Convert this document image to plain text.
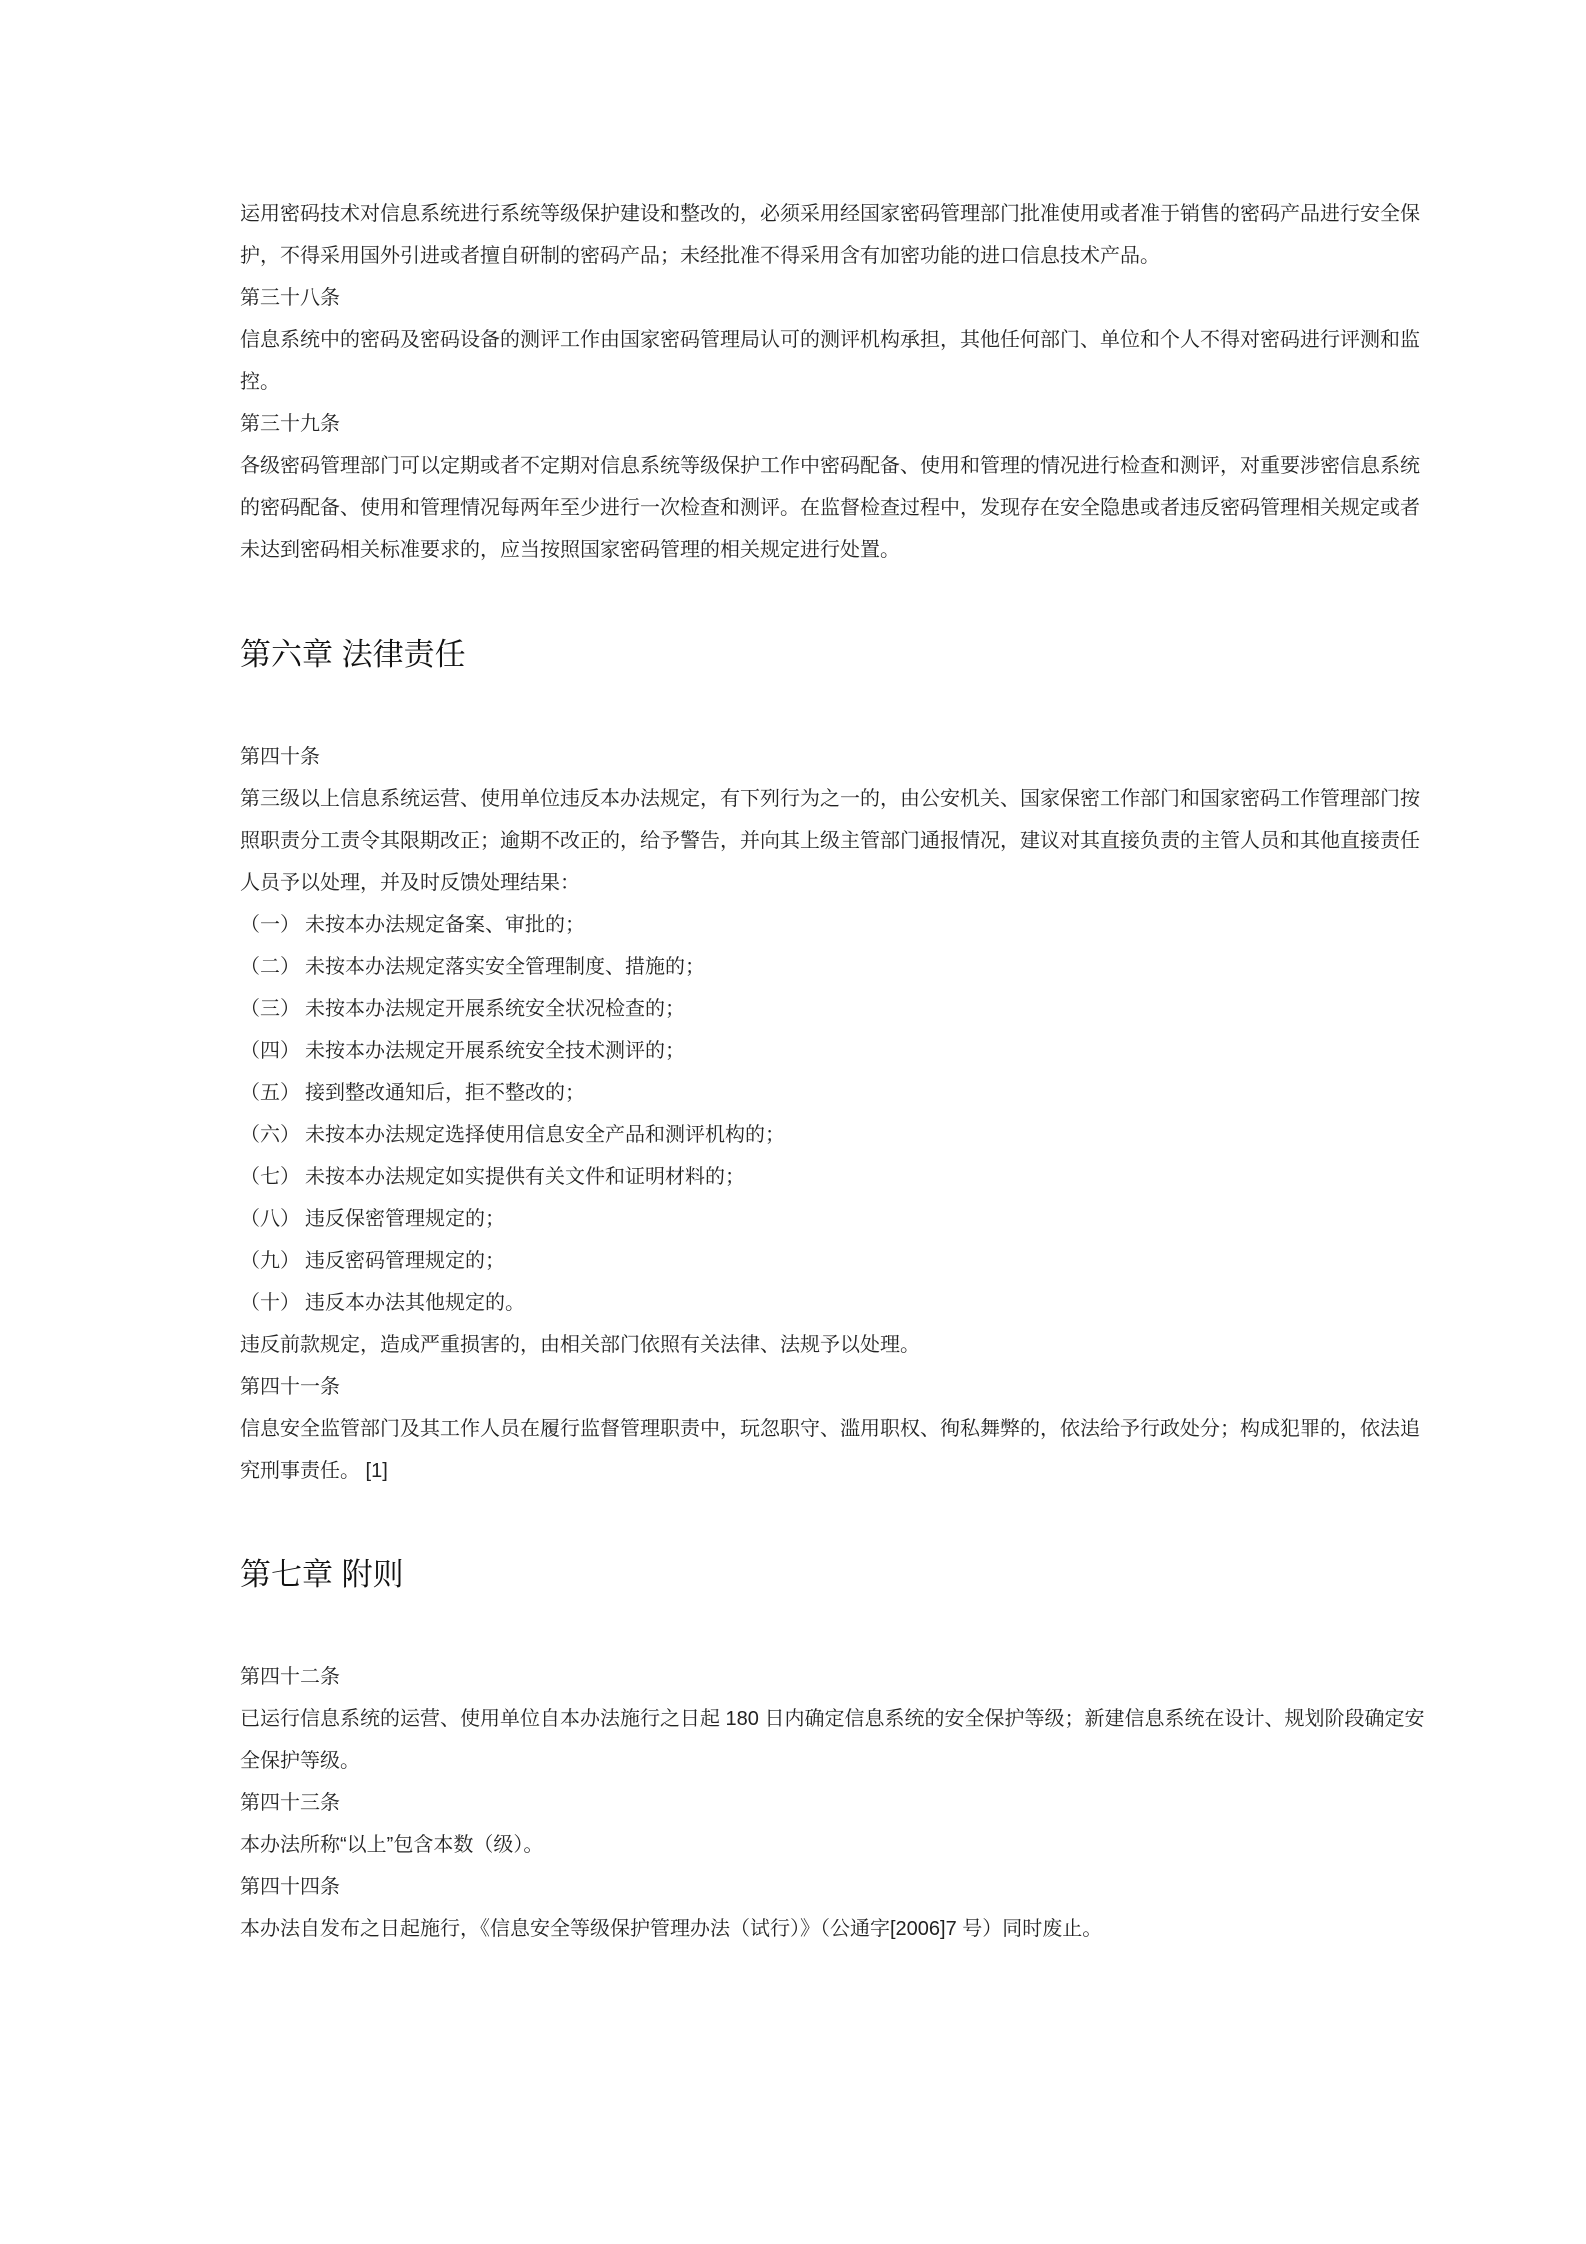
运用密码技术对信息系统进行系统等级保护建设和整改的，必须采用经国家密码管理部门批准使用或者准于销售的密码产品进行安全保
护，不得采用国外引进或者擅自研制的密码产品；未经批准不得采用含有加密功能的进口信息技术产品。
第三十八条
信息系统中的密码及密码设备的测评工作由国家密码管理局认可的测评机构承担，其他任何部门、单位和个人不得对密码进行评测和监
控。
第三十九条
各级密码管理部门可以定期或者不定期对信息系统等级保护工作中密码配备、使用和管理的情况进行检查和测评，对重要涉密信息系统
的密码配备、使用和管理情况每两年至少进行一次检查和测评。在监督检查过程中，发现存在安全隐患或者违反密码管理相关规定或者
未达到密码相关标准要求的，应当按照国家密码管理的相关规定进行处置。
第六章 法律责任
第四十条
第三级以上信息系统运营、使用单位违反本办法规定，有下列行为之一的，由公安机关、国家保密工作部门和国家密码工作管理部门按
照职责分工责令其限期改正；逾期不改正的，给予警告，并向其上级主管部门通报情况，建议对其直接负责的主管人员和其他直接责任
人员予以处理，并及时反馈处理结果：
（一） 未按本办法规定备案、审批的；
（二） 未按本办法规定落实安全管理制度、措施的；
（三） 未按本办法规定开展系统安全状况检查的；
（四） 未按本办法规定开展系统安全技术测评的；
（五） 接到整改通知后，拒不整改的；
（六） 未按本办法规定选择使用信息安全产品和测评机构的；
（七） 未按本办法规定如实提供有关文件和证明材料的；
（八） 违反保密管理规定的；
（九） 违反密码管理规定的；
（十） 违反本办法其他规定的。
违反前款规定，造成严重损害的，由相关部门依照有关法律、法规予以处理。
第四十一条
信息安全监管部门及其工作人员在履行监督管理职责中，玩忽职守、滥用职权、徇私舞弊的，依法给予行政处分；构成犯罪的，依法追
究刑事责任。 [1]
第七章 附则
第四十二条
已运行信息系统的运营、使用单位自本办法施行之日起 180 日内确定信息系统的安全保护等级；新建信息系统在设计、规划阶段确定安
全保护等级。
第四十三条
本办法所称“以上”包含本数（级）。
第四十四条
本办法自发布之日起施行，《信息安全等级保护管理办法（试行）》（公通字[2006]7 号）同时废止。
